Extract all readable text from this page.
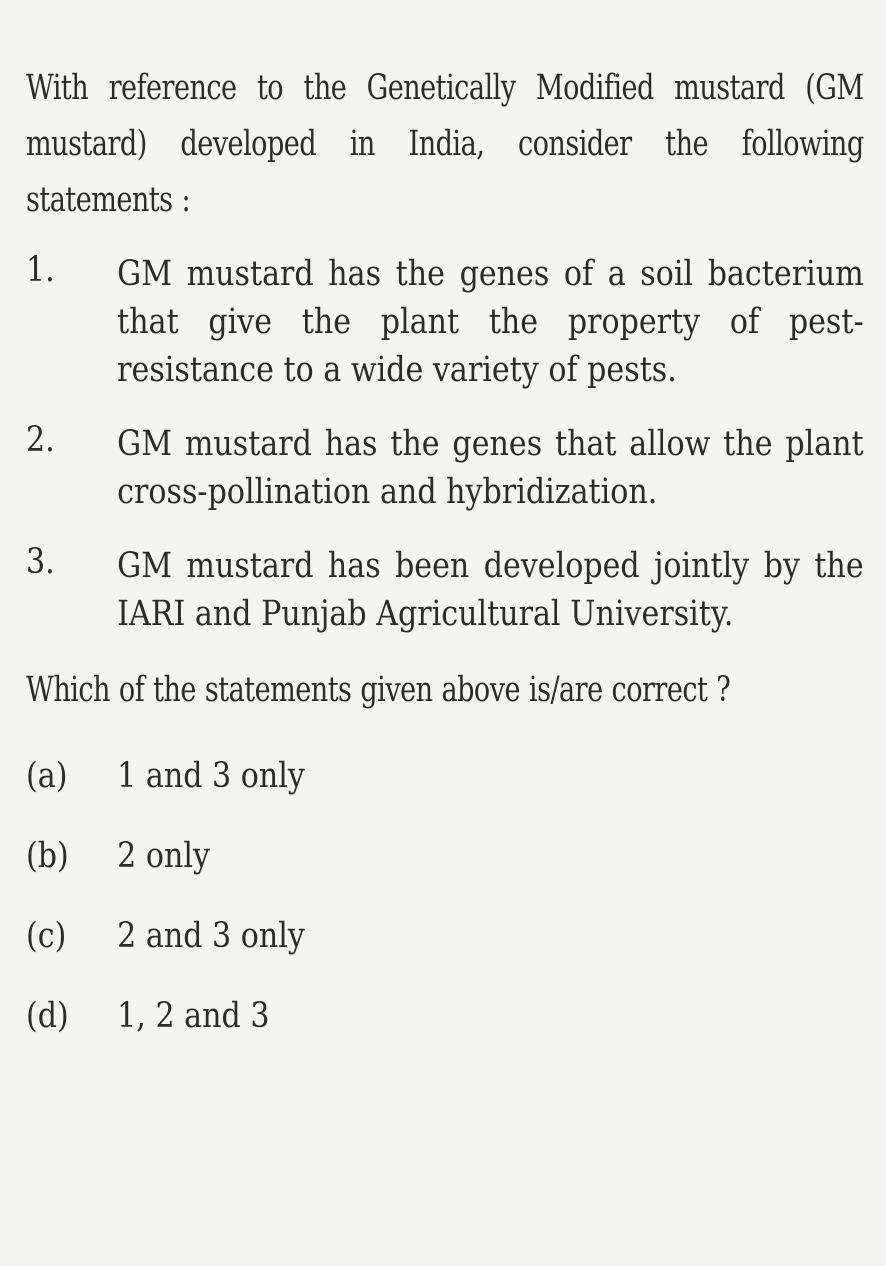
With reference to the Genetically Modified mustard (GM mustard) developed in India, consider the following statements :
1. GM mustard has the genes of a soil bacterium that give the plant the property of pest-resistance to a wide variety of pests.
2. GM mustard has the genes that allow the plant cross-pollination and hybridization.
3. GM mustard has been developed jointly by the IARI and Punjab Agricultural University.
Which of the statements given above is/are correct ?
(a) 1 and 3 only
(b) 2 only
(c) 2 and 3 only
(d) 1, 2 and 3
